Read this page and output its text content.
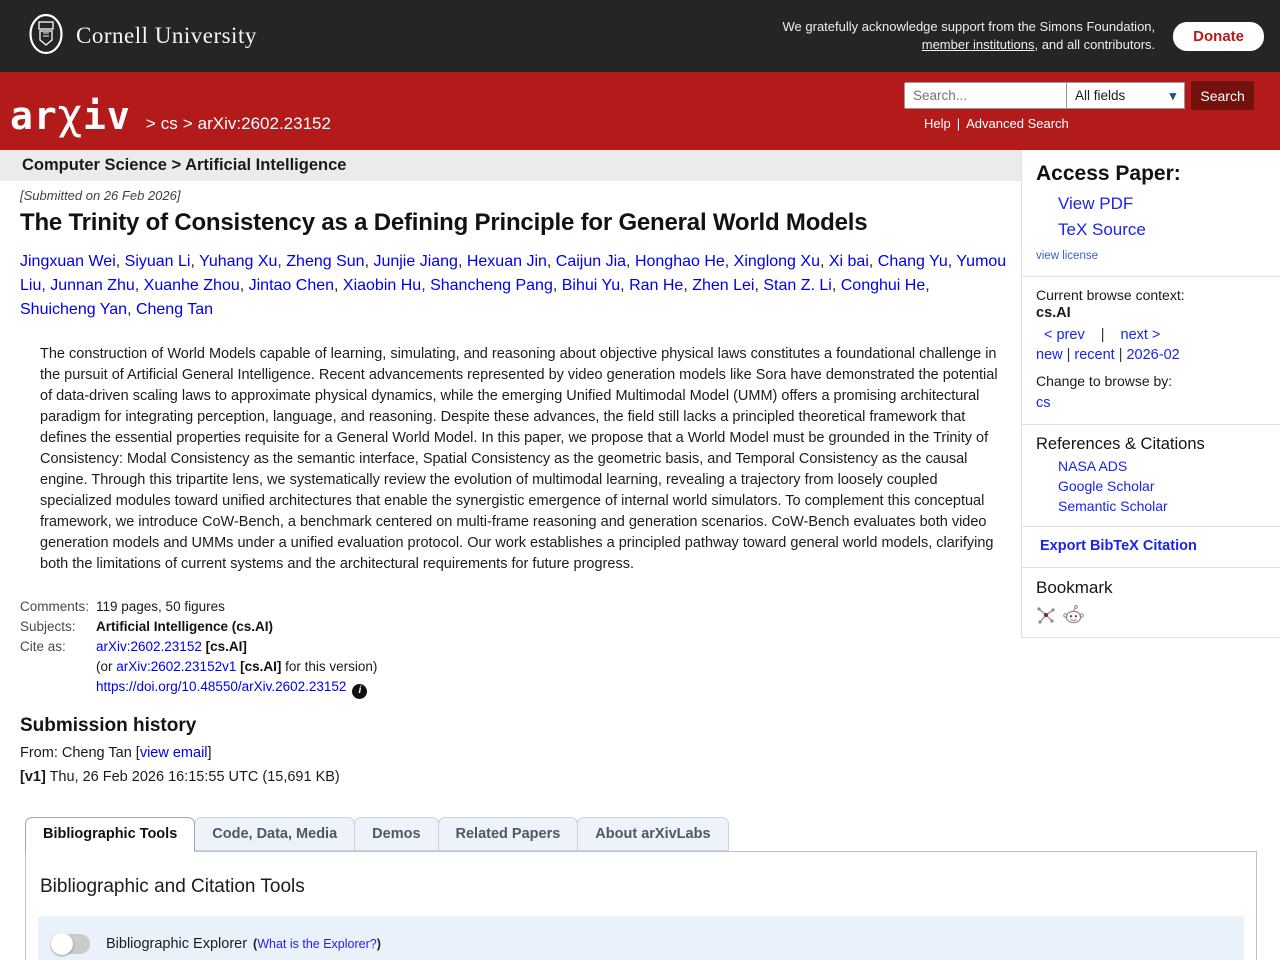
Cornell University	We gratefully acknowledge support from the Simons Foundation,
member institutions, and all contributors.	Donate
arχiv > cs > arXiv:2602.23152
Search...
All fields	▾	Search
Help | Advanced Search
Computer Science > Artificial Intelligence
[Submitted on 26 Feb 2026]
The Trinity of Consistency as a Defining Principle for General World Models
Jingxuan Wei, Siyuan Li, Yuhang Xu, Zheng Sun, Junjie Jiang, Hexuan Jin, Caijun Jia, Honghao He, Xinglong Xu, Xi bai, Chang Yu, Yumou Liu, Junnan Zhu, Xuanhe Zhou, Jintao Chen, Xiaobin Hu, Shancheng Pang, Bihui Yu, Ran He, Zhen Lei, Stan Z. Li, Conghui He, Shuicheng Yan, Cheng Tan

The construction of World Models capable of learning, simulating, and reasoning about objective physical laws constitutes a foundational challenge in the pursuit of Artificial General Intelligence. Recent advancements represented by video generation models like Sora have demonstrated the potential of data-driven scaling laws to approximate physical dynamics, while the emerging Unified Multimodal Model (UMM) offers a promising architectural paradigm for integrating perception, language, and reasoning. Despite these advances, the field still lacks a principled theoretical framework that defines the essential properties requisite for a General World Model. In this paper, we propose that a World Model must be grounded in the Trinity of Consistency: Modal Consistency as the semantic interface, Spatial Consistency as the geometric basis, and Temporal Consistency as the causal engine. Through this tripartite lens, we systematically review the evolution of multimodal learning, revealing a trajectory from loosely coupled specialized modules toward unified architectures that enable the synergistic emergence of internal world simulators. To complement this conceptual framework, we introduce CoW-Bench, a benchmark centered on multi-frame reasoning and generation scenarios. CoW-Bench evaluates both video generation models and UMMs under a unified evaluation protocol. Our work establishes a principled pathway toward general world models, clarifying both the limitations of current systems and the architectural requirements for future progress.

Comments: 119 pages, 50 figures
Subjects:	Artificial Intelligence (cs.AI)
Cite as:	arXiv:2602.23152 [cs.AI]
(or arXiv:2602.23152v1 [cs.AI] for this version)
https://doi.org/10.48550/arXiv.2602.23152 i
Submission history
From: Cheng Tan [view email]
[v1] Thu, 26 Feb 2026 16:15:55 UTC (15,691 KB)
Access Paper:
View PDF
TeX Source
view license
Current browse context:
cs.AI
< prev | next >
new | recent | 2026-02
Change to browse by:
cs
References & Citations
NASA ADS
Google Scholar
Semantic Scholar
Export BibTeX Citation
Bookmark
Bibliographic Tools	Code, Data, Media	Demos	Related Papers	About arXivLabs
Bibliographic and Citation Tools
Bibliographic Explorer (What is the Explorer?)
